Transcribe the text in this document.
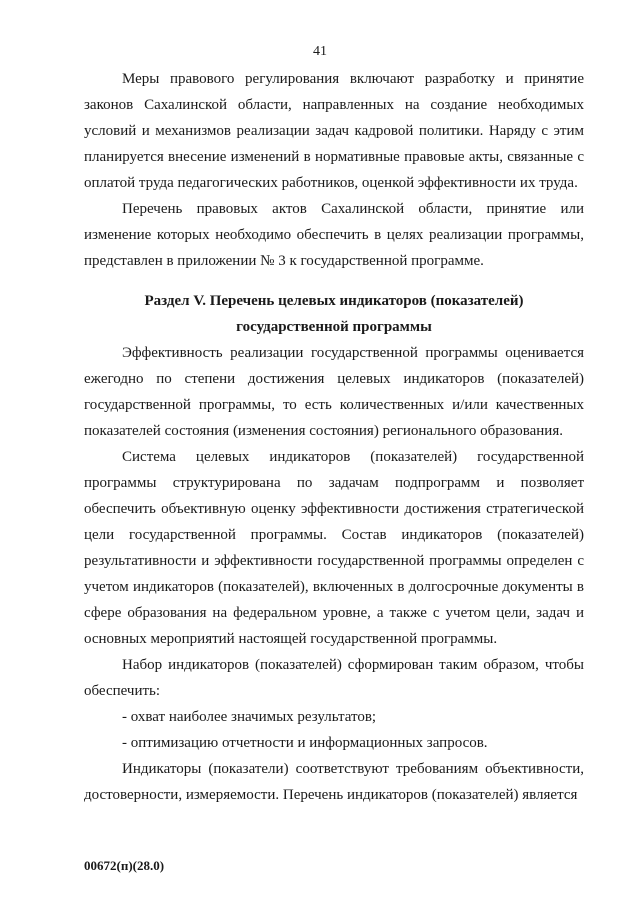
41

Меры правового регулирования включают разработку и принятие законов Сахалинской области, направленных на создание необходимых условий и механизмов реализации задач кадровой политики. Наряду с этим планируется внесение изменений в нормативные правовые акты, связанные с оплатой труда педагогических работников, оценкой эффективности их труда.

Перечень правовых актов Сахалинской области, принятие или изменение которых необходимо обеспечить в целях реализации программы, представлен в приложении № 3 к государственной программе.

Раздел V. Перечень целевых индикаторов (показателей)
государственной программы

Эффективность реализации государственной программы оценивается ежегодно по степени достижения целевых индикаторов (показателей) государственной программы, то есть количественных и/или качественных показателей состояния (изменения состояния) регионального образования.

Система целевых индикаторов (показателей) государственной программы структурирована по задачам подпрограмм и позволяет обеспечить объективную оценку эффективности достижения стратегической цели государственной программы. Состав индикаторов (показателей) результативности и эффективности государственной программы определен с учетом индикаторов (показателей), включенных в долгосрочные документы в сфере образования на федеральном уровне, а также с учетом цели, задач и основных мероприятий настоящей государственной программы.

Набор индикаторов (показателей) сформирован таким образом, чтобы обеспечить:

- охват наиболее значимых результатов;
- оптимизацию отчетности и информационных запросов.

Индикаторы (показатели) соответствуют требованиям объективности, достоверности, измеряемости. Перечень индикаторов (показателей) является

00672(п)(28.0)
